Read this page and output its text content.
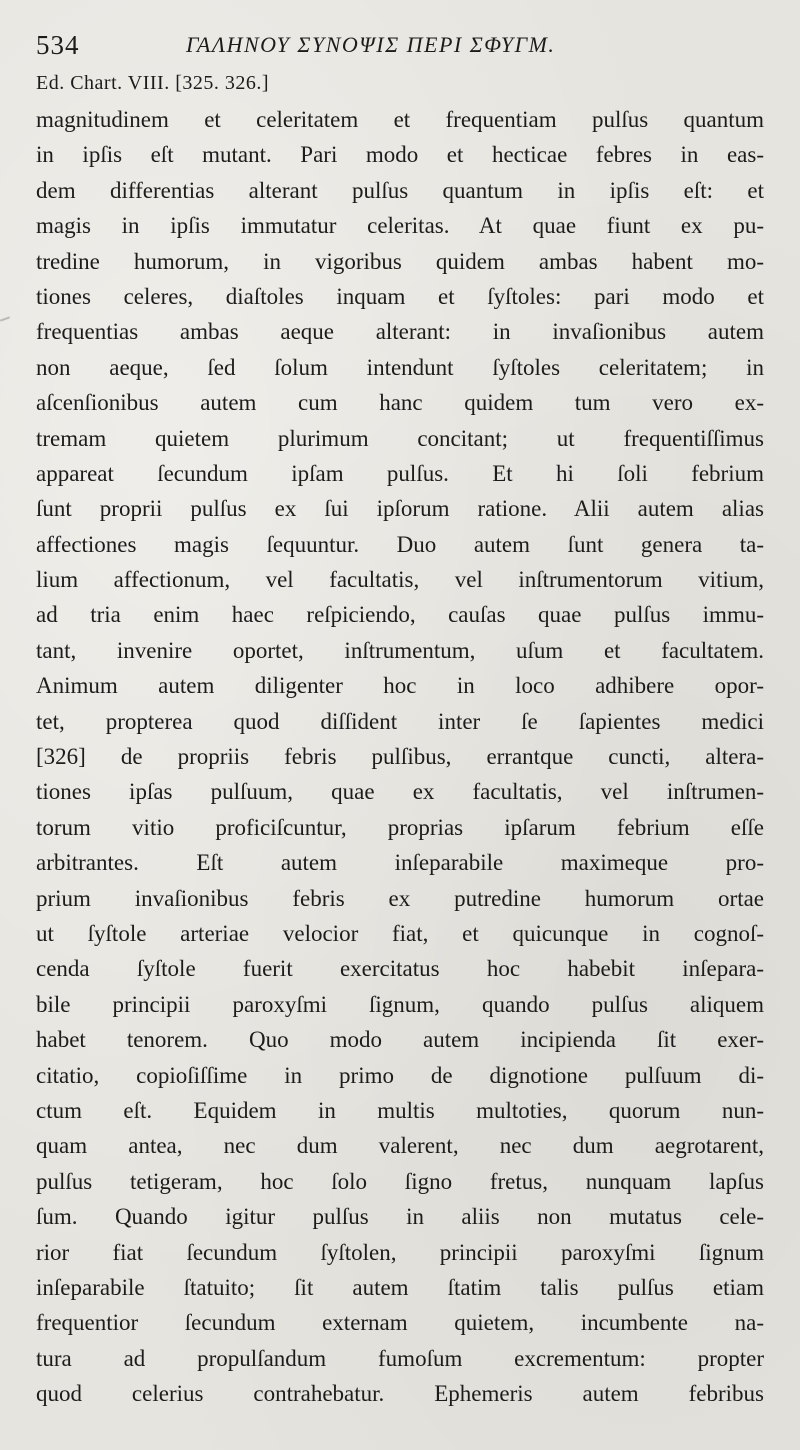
534	ΓΑΛΗΝΟΥ ΣΥΝΟΨΙΣ ΠΕΡΙ ΣΦΥΓΜ.
Ed. Chart. VIII. [325. 326.]
magnitudinem et celeritatem et frequentiam pulſus quantum
in ipſis eſt mutant. Pari modo et hecticae febres in eas-
dem differentias alterant pulſus quantum in ipſis eſt: et
magis in ipſis immutatur celeritas. At quae fiunt ex pu-
tredine humorum, in vigoribus quidem ambas habent mo-
tiones celeres, diaſtoles inquam et ſyſtoles: pari modo et
frequentias ambas aeque alterant: in invaſionibus autem
non aeque, ſed ſolum intendunt ſyſtoles celeritatem; in
aſcenſionibus autem cum hanc quidem tum vero ex-
tremam quietem plurimum concitant; ut frequentiſſimus
appareat ſecundum ipſam pulſus. Et hi ſoli febrium
ſunt proprii pulſus ex ſui ipſorum ratione. Alii autem alias
affectiones magis ſequuntur. Duo autem ſunt genera ta-
lium affectionum, vel facultatis, vel inſtrumentorum vitium,
ad tria enim haec reſpiciendo, cauſas quae pulſus immu-
tant, invenire oportet, inſtrumentum, uſum et facultatem.
Animum autem diligenter hoc in loco adhibere opor-
tet, propterea quod diſſident inter ſe ſapientes medici
[326] de propriis febris pulſibus, errantque cuncti, altera-
tiones ipſas pulſuum, quae ex facultatis, vel inſtrumen-
torum vitio proficiſcuntur, proprias ipſarum febrium eſſe
arbitrantes. Eſt autem inſeparabile maximeque pro-
prium invaſionibus febris ex putredine humorum ortae
ut ſyſtole arteriae velocior fiat, et quicunque in cognoſ-
cenda ſyſtole fuerit exercitatus hoc habebit inſepara-
bile principii paroxyſmi ſignum, quando pulſus aliquem
habet tenorem. Quo modo autem incipienda ſit exer-
citatio, copioſiſſime in primo de dignotione pulſuum di-
ctum eſt. Equidem in multis multoties, quorum nun-
quam antea, nec dum valerent, nec dum aegrotarent,
pulſus tetigeram, hoc ſolo ſigno fretus, nunquam lapſus
ſum. Quando igitur pulſus in aliis non mutatus cele-
rior fiat ſecundum ſyſtolen, principii paroxyſmi ſignum
inſeparabile ſtatuito; ſit autem ſtatim talis pulſus etiam
frequentior ſecundum externam quietem, incumbente na-
tura ad propulſandum fumoſum excrementum: propter
quod celerius contrahebatur. Ephemeris autem febribus
